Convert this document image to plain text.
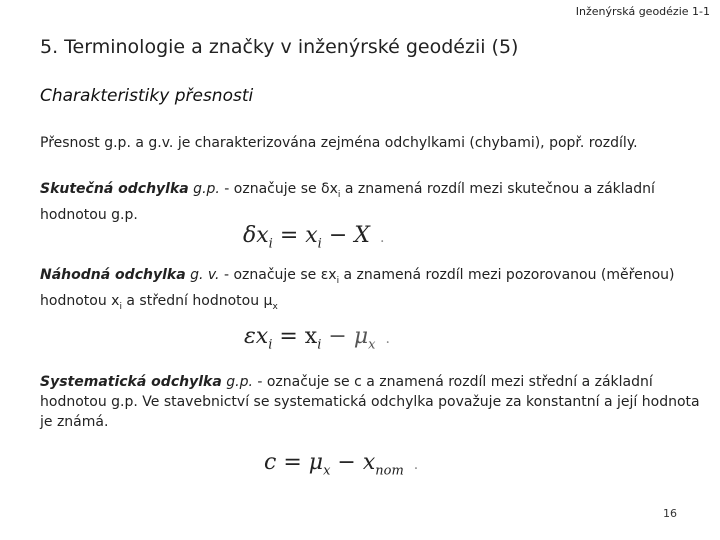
Inženýrská geodézie 1-1
5. Terminologie a značky v inženýrské geodézii (5)
Charakteristiky přesnosti
Přesnost g.p. a g.v. je charakterizována zejména odchylkami (chybami), popř. rozdíly.
Skutečná odchylka g.p. - označuje se $\delta x_i$ a znamená rozdíl mezi skutečnou a základní hodnotou g.p.
$\delta x_i = x_i - X$ .
Náhodná odchylka g. v. - označuje se $\varepsilon x_i$ a znamená rozdíl mezi pozorovanou (měřenou) hodnotou $x_i$ a střední hodnotou $\mu_x$
$\varepsilon x_i = x_i - \mu_x$ .
Systematická odchylka g.p. - označuje se c a znamená rozdíl mezi střední a základní hodnotou g.p. Ve stavebnictví se systematická odchylka považuje za konstantní a její hodnota je známá.
$c = \mu_x - x_{nom}$ .
16
